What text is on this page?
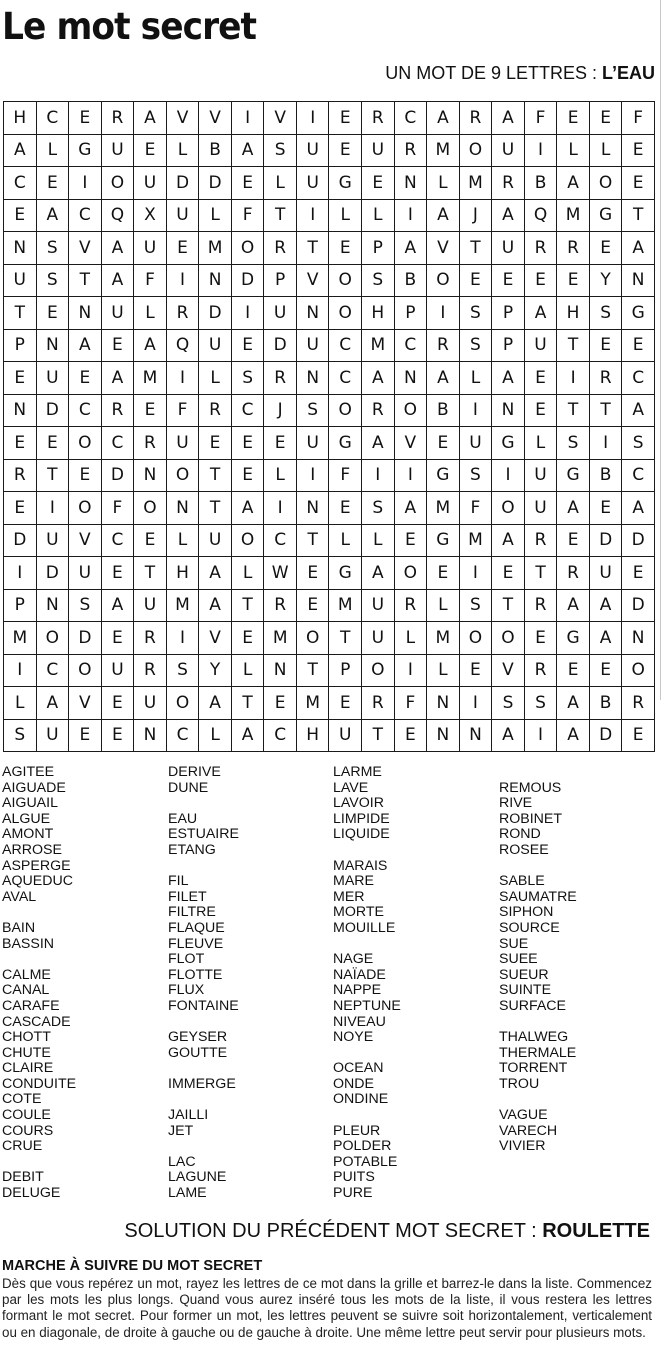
Le mot secret
UN MOT DE 9 LETTRES : L’EAU
H	C	E	R	A	V	V	I	V	I	E	R	C	A	R	A	F	E	E	F
A	L	G	U	E	L	B	A	S	U	E	U	R	M	O	U	I	L	L	E
C	E	I	O	U	D	D	E	L	U	G	E	N	L	M	R	B	A	O	E
E	A	C	Q	X	U	L	F	T	I	L	L	I	A	J	A	Q	M	G	T
N	S	V	A	U	E	M	O	R	T	E	P	A	V	T	U	R	R	E	A
U	S	T	A	F	I	N	D	P	V	O	S	B	O	E	E	E	E	Y	N
T	E	N	U	L	R	D	I	U	N	O	H	P	I	S	P	A	H	S	G
P	N	A	E	A	Q	U	E	D	U	C	M	C	R	S	P	U	T	E	E
E	U	E	A	M	I	L	S	R	N	C	A	N	A	L	A	E	I	R	C
N	D	C	R	E	F	R	C	J	S	O	R	O	B	I	N	E	T	T	A
E	E	O	C	R	U	E	E	E	U	G	A	V	E	U	G	L	S	I	S
R	T	E	D	N	O	T	E	L	I	F	I	I	G	S	I	U	G	B	C
E	I	O	F	O	N	T	A	I	N	E	S	A	M	F	O	U	A	E	A
D	U	V	C	E	L	U	O	C	T	L	L	E	G	M	A	R	E	D	D
I	D	U	E	T	H	A	L	W	E	G	A	O	E	I	E	T	R	U	E
P	N	S	A	U	M	A	T	R	E	M	U	R	L	S	T	R	A	A	D
M	O	D	E	R	I	V	E	M	O	T	U	L	M	O	O	E	G	A	N
I	C	O	U	R	S	Y	L	N	T	P	O	I	L	E	V	R	E	E	O
L	A	V	E	U	O	A	T	E	M	E	R	F	N	I	S	S	A	B	R
S	U	E	E	N	C	L	A	C	H	U	T	E	N	N	A	I	A	D	E
AGITEE
AIGUADE
AIGUAIL
ALGUE
AMONT
ARROSE
ASPERGE
AQUEDUC
AVAL
BAIN
BASSIN
CALME
CANAL
CARAFE
CASCADE
CHOTT
CHUTE
CLAIRE
CONDUITE
COTE
COULE
COURS
CRUE
DEBIT
DELUGE
DERIVE
DUNE
EAU
ESTUAIRE
ETANG
FIL
FILET
FILTRE
FLAQUE
FLEUVE
FLOT
FLOTTE
FLUX
FONTAINE
GEYSER
GOUTTE
IMMERGE
JAILLI
JET
LAC
LAGUNE
LAME
LARME
LAVE
LAVOIR
LIMPIDE
LIQUIDE
MARAIS
MARE
MER
MORTE
MOUILLE
NAGE
NAÏADE
NAPPE
NEPTUNE
NIVEAU
NOYE
OCEAN
ONDE
ONDINE
PLEUR
POLDER
POTABLE
PUITS
PURE
REMOUS
RIVE
ROBINET
ROND
ROSEE
SABLE
SAUMATRE
SIPHON
SOURCE
SUE
SUEE
SUEUR
SUINTE
SURFACE
THALWEG
THERMALE
TORRENT
TROU
VAGUE
VARECH
VIVIER
SOLUTION DU PRÉCÉDENT MOT SECRET : ROULETTE
MARCHE À SUIVRE DU MOT SECRET
Dès que vous repérez un mot, rayez les lettres de ce mot dans la grille et barrez-le dans la liste. Commencez par les mots les plus longs. Quand vous aurez inséré tous les mots de la liste, il vous restera les lettres formant le mot secret. Pour former un mot, les lettres peuvent se suivre soit horizontalement, verticalement ou en diagonale, de droite à gauche ou de gauche à droite. Une même lettre peut servir pour plusieurs mots.
